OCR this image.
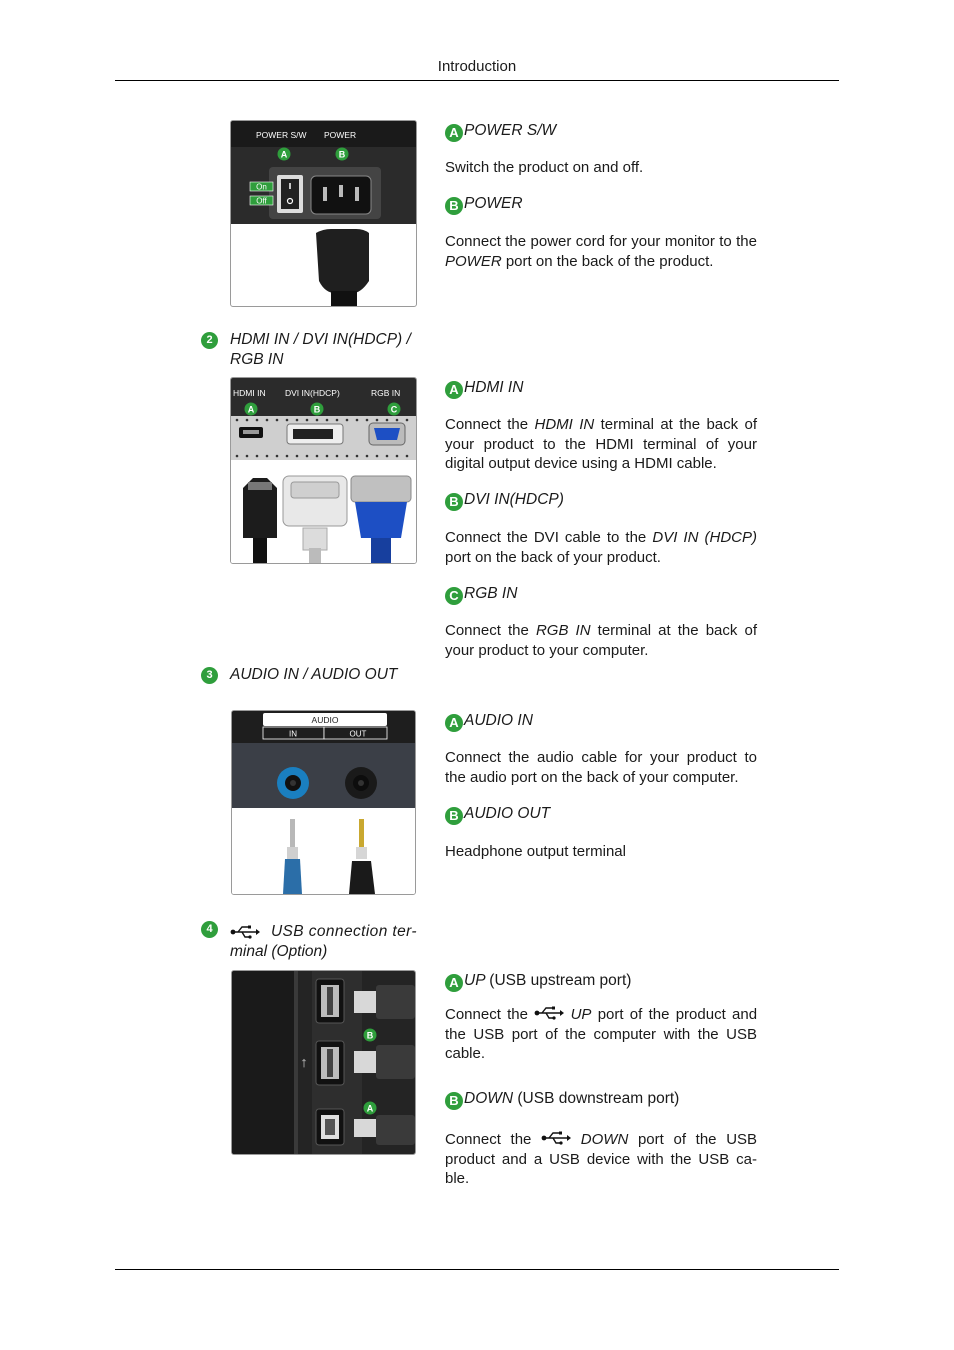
Introduction
POWER S/W POWER
A	B
On
Off
A POWER S/W
Switch the product on and off.
B POWER
Connect the power cord for your monitor to the POWER port on the back of the product.
2	HDMI IN / DVI IN(HDCP) / RGB IN
HDMI IN DVI IN(HDCP)	RGB IN
A	B	C
A HDMI IN
Connect the HDMI IN terminal at the back of your product to the HDMI terminal of your digital output device using a HDMI cable.
B DVI IN(HDCP)
Connect the DVI cable to the DVI IN (HDCP) port on the back of your product.
C RGB IN
Connect the RGB IN terminal at the back of your product to your computer.
3	AUDIO IN / AUDIO OUT
AUDIO
IN	OUT
A AUDIO IN
Connect the audio cable for your product to the audio port on the back of your computer.
B AUDIO OUT
Headphone output terminal
4	USB connection ter-
minal (Option)
⭠
B
A
A UP (USB upstream port)
Connect the	UP port of the product and the USB port of the computer with the USB cable.
B DOWN (USB downstream port)
Connect the	DOWN port of the USB product and a USB device with the USB ca-ble.
